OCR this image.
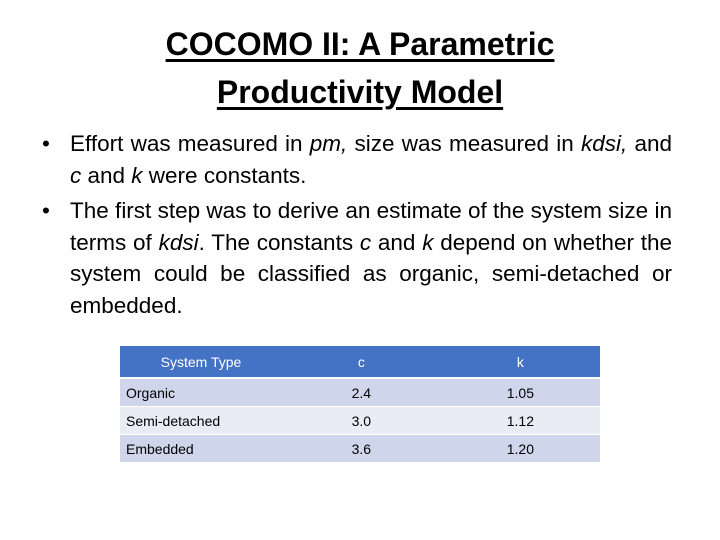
COCOMO II: A Parametric
Productivity Model
• Effort was measured in pm, size was measured in kdsi, and c and k were constants.
• The first step was to derive an estimate of the system size in terms of kdsi. The constants c and k depend on whether the system could be classified as organic, semi-detached or embedded.
System Type	c	k
Organic	2.4	1.05
Semi-detached	3.0	1.12
Embedded	3.6	1.20
